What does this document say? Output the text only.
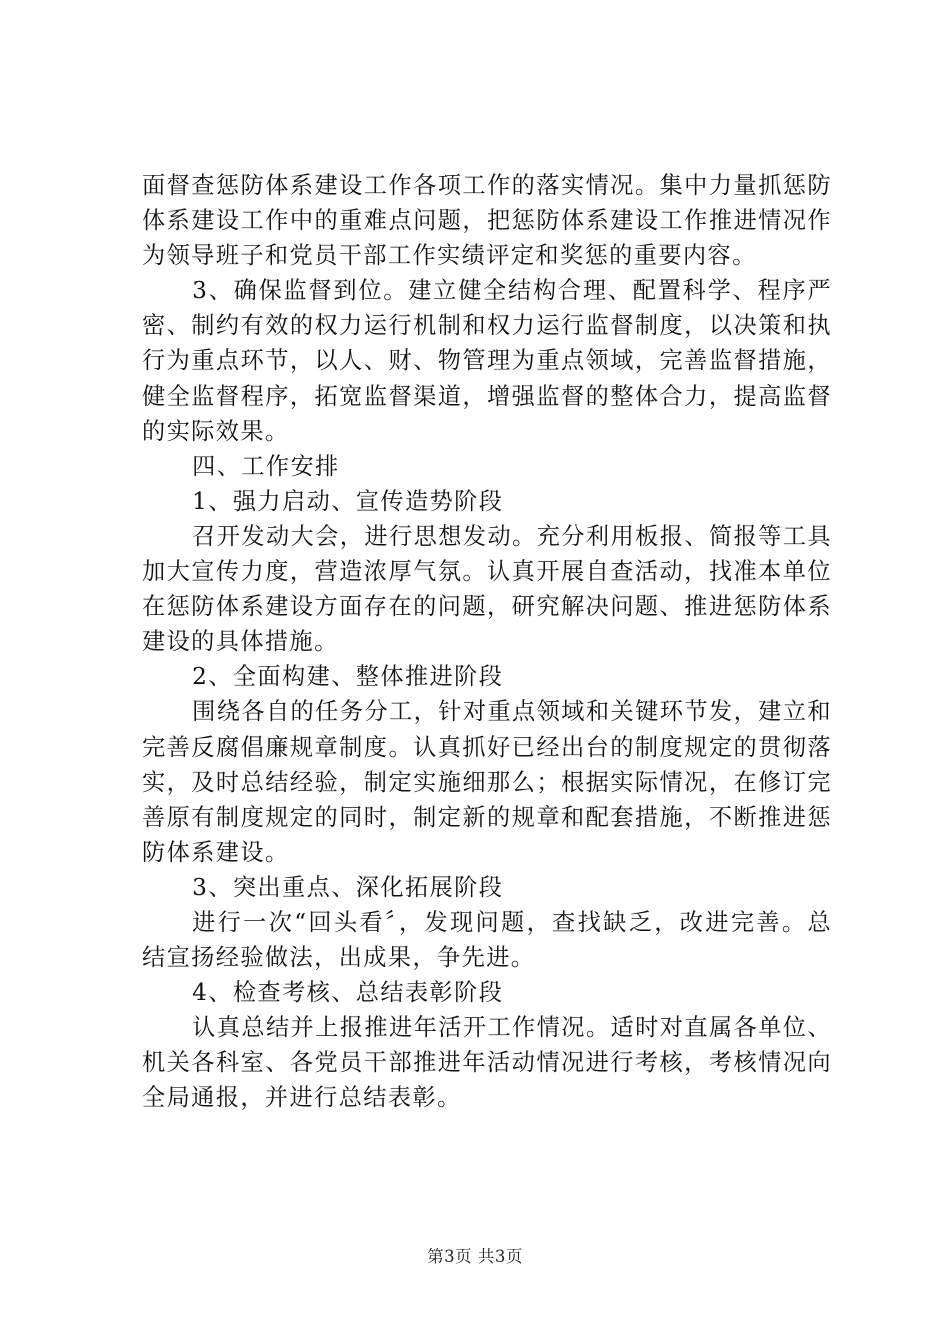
面督查惩防体系建设工作各项工作的落实情况。集中力量抓惩防体系建设工作中的重难点问题，把惩防体系建设工作推进情况作为领导班子和党员干部工作实绩评定和奖惩的重要内容。

3、确保监督到位。建立健全结构合理、配置科学、程序严密、制约有效的权力运行机制和权力运行监督制度，以决策和执行为重点环节，以人、财、物管理为重点领域，完善监督措施，健全监督程序，拓宽监督渠道，增强监督的整体合力，提高监督的实际效果。

四、工作安排

1、强力启动、宣传造势阶段

召开发动大会，进行思想发动。充分利用板报、简报等工具加大宣传力度，营造浓厚气氛。认真开展自查活动，找准本单位在惩防体系建设方面存在的问题，研究解决问题、推进惩防体系建设的具体措施。

2、全面构建、整体推进阶段

围绕各自的任务分工，针对重点领域和关键环节发，建立和完善反腐倡廉规章制度。认真抓好已经出台的制度规定的贯彻落实，及时总结经验，制定实施细那么；根据实际情况，在修订完善原有制度规定的同时，制定新的规章和配套措施，不断推进惩防体系建设。

3、突出重点、深化拓展阶段

进行一次“回头看〞，发现问题，查找缺乏，改进完善。总结宣扬经验做法，出成果，争先进。

4、检查考核、总结表彰阶段

认真总结并上报推进年活开工作情况。适时对直属各单位、机关各科室、各党员干部推进年活动情况进行考核，考核情况向全局通报，并进行总结表彰。

第3页 共3页
